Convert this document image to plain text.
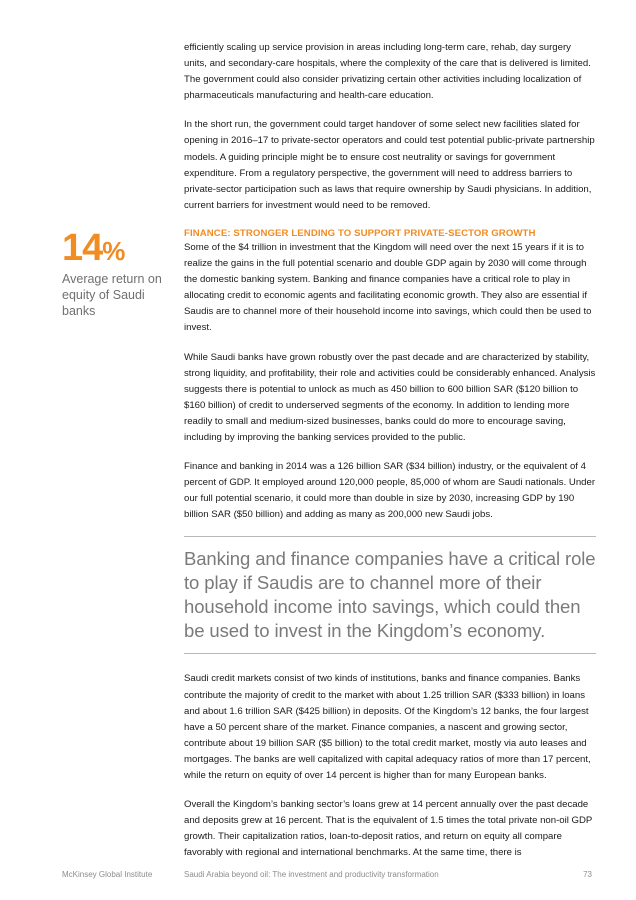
efficiently scaling up service provision in areas including long-term care, rehab, day surgery units, and secondary-care hospitals, where the complexity of the care that is delivered is limited. The government could also consider privatizing certain other activities including localization of pharmaceuticals manufacturing and health-care education.

In the short run, the government could target handover of some select new facilities slated for opening in 2016–17 to private-sector operators and could test potential public-private partnership models. A guiding principle might be to ensure cost neutrality or savings for government expenditure. From a regulatory perspective, the government will need to address barriers to private-sector participation such as laws that require ownership by Saudi physicians. In addition, current barriers for investment would need to be removed.

FINANCE: STRONGER LENDING TO SUPPORT PRIVATE-SECTOR GROWTH

Some of the $4 trillion in investment that the Kingdom will need over the next 15 years if it is to realize the gains in the full potential scenario and double GDP again by 2030 will come through the domestic banking system. Banking and finance companies have a critical role to play in allocating credit to economic agents and facilitating economic growth. They also are essential if Saudis are to channel more of their household income into savings, which could then be used to invest.

While Saudi banks have grown robustly over the past decade and are characterized by stability, strong liquidity, and profitability, their role and activities could be considerably enhanced. Analysis suggests there is potential to unlock as much as 450 billion to 600 billion SAR ($120 billion to $160 billion) of credit to underserved segments of the economy. In addition to lending more readily to small and medium-sized businesses, banks could do more to encourage saving, including by improving the banking services provided to the public.

Finance and banking in 2014 was a 126 billion SAR ($34 billion) industry, or the equivalent of 4 percent of GDP. It employed around 120,000 people, 85,000 of whom are Saudi nationals. Under our full potential scenario, it could more than double in size by 2030, increasing GDP by 190 billion SAR ($50 billion) and adding as many as 200,000 new Saudi jobs.

Banking and finance companies have a critical role to play if Saudis are to channel more of their household income into savings, which could then be used to invest in the Kingdom’s economy.

Saudi credit markets consist of two kinds of institutions, banks and finance companies. Banks contribute the majority of credit to the market with about 1.25 trillion SAR ($333 billion) in loans and about 1.6 trillion SAR ($425 billion) in deposits. Of the Kingdom’s 12 banks, the four largest have a 50 percent share of the market. Finance companies, a nascent and growing sector, contribute about 19 billion SAR ($5 billion) to the total credit market, mostly via auto leases and mortgages. The banks are well capitalized with capital adequacy ratios of more than 17 percent, while the return on equity of over 14 percent is higher than for many European banks.

Overall the Kingdom’s banking sector’s loans grew at 14 percent annually over the past decade and deposits grew at 16 percent. That is the equivalent of 1.5 times the total private non-oil GDP growth. Their capitalization ratios, loan-to-deposit ratios, and return on equity all compare favorably with regional and international benchmarks. At the same time, there is

14%
Average return on equity of Saudi banks
McKinsey Global Institute	Saudi Arabia beyond oil: The investment and productivity transformation	73
